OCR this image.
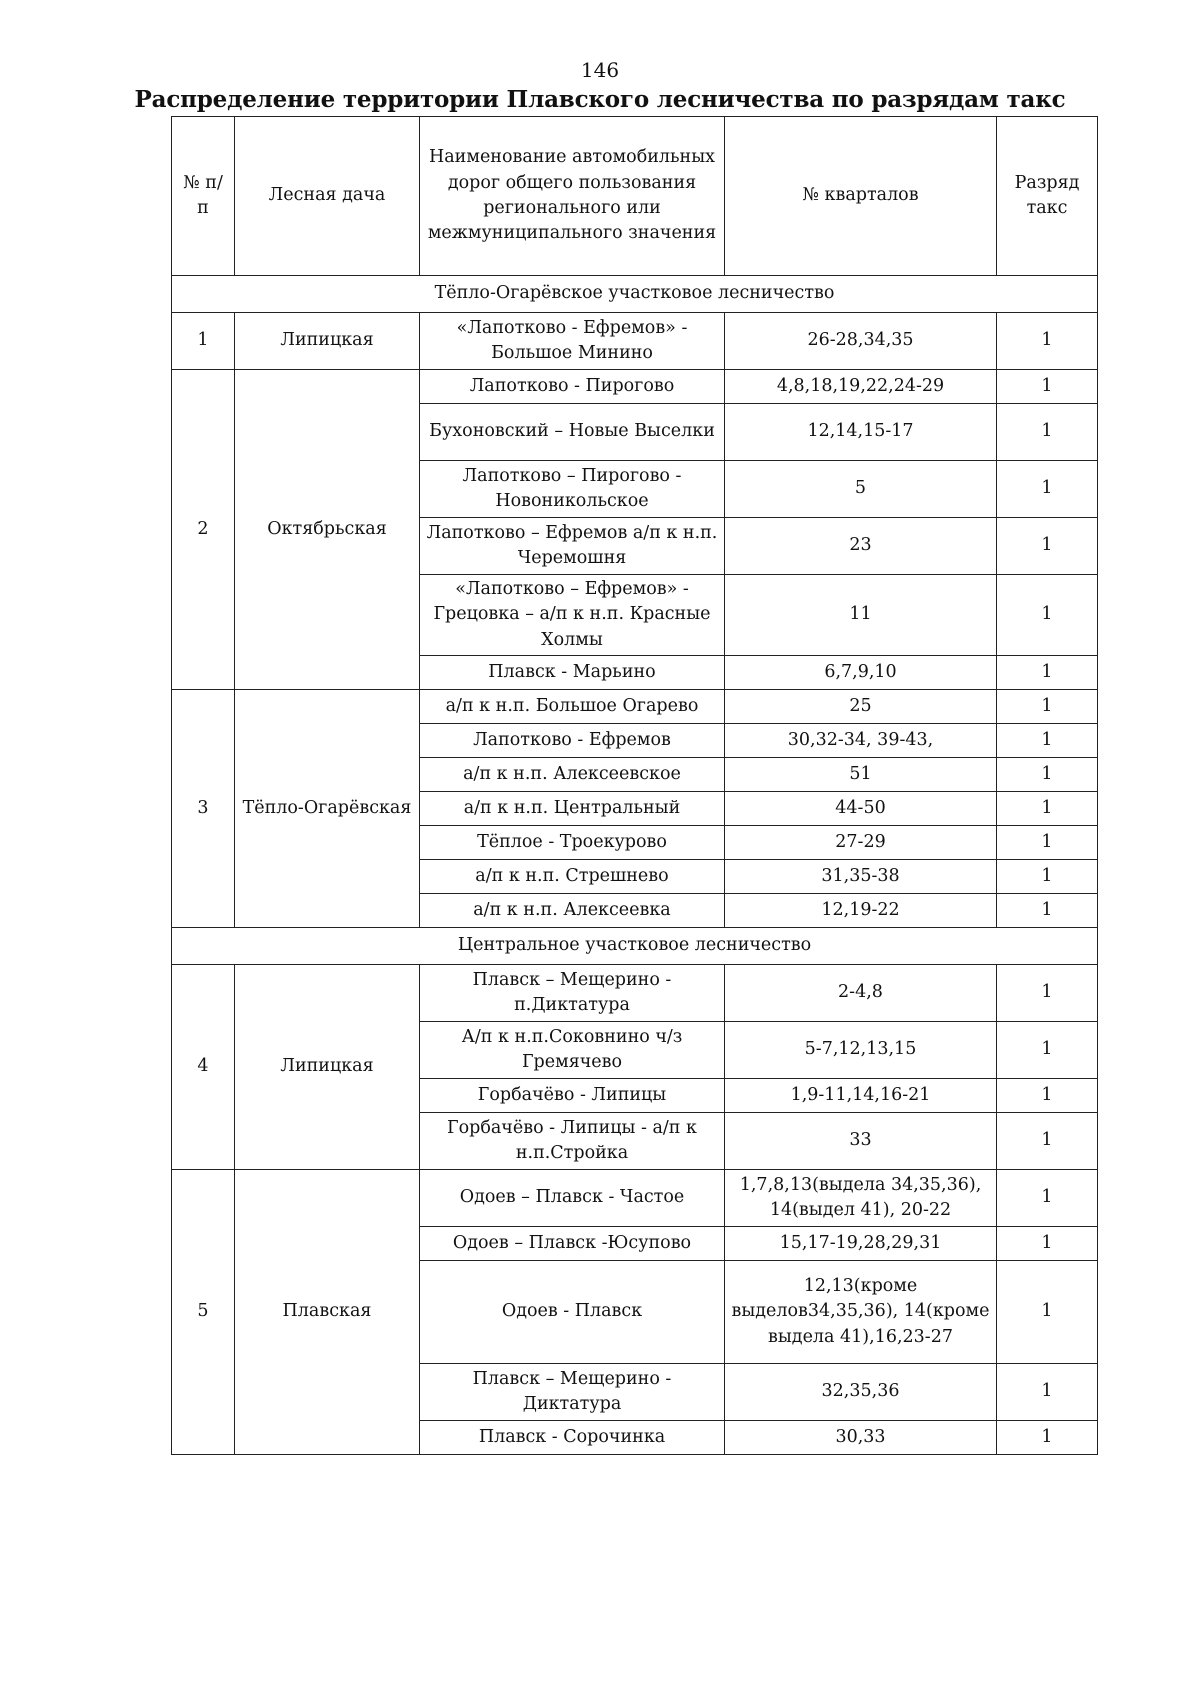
146
Распределение территории Плавского лесничества по разрядам такс
№ п/п	Лесная дача	Наименование автомобильных дорог общего пользования регионального или межмуниципального значения	№ кварталов	Разряд такс
Тёпло-Огарёвское участковое лесничество				
1	Липицкая	«Лапотково - Ефремов» - Большое Минино	26-28,34,35	1
2	Октябрьская	Лапотково - Пирогово	4,8,18,19,22,24-29	1
		Бухоновский – Новые Выселки	12,14,15-17	1
		Лапотково – Пирогово - Новоникольское	5	1
		Лапотково – Ефремов а/п к н.п. Черемошня	23	1
		«Лапотково – Ефремов» - Грецовка – а/п к н.п. Красные Холмы	11	1
		Плавск - Марьино	6,7,9,10	1
3	Тёпло-Огарёвская	а/п к н.п. Большое Огарево	25	1
		Лапотково - Ефремов	30,32-34, 39-43,	1
		а/п к н.п. Алексеевское	51	1
		а/п к н.п. Центральный	44-50	1
		Тёплое - Троекурово	27-29	1
		а/п к н.п. Стрешнево	31,35-38	1
		а/п к н.п. Алексеевка	12,19-22	1
Центральное участковое лесничество				
4	Липицкая	Плавск – Мещерино - п.Диктатура	2-4,8	1
		А/п к н.п.Соковнино ч/з Гремячево	5-7,12,13,15	1
		Горбачёво - Липицы	1,9-11,14,16-21	1
		Горбачёво - Липицы - а/п к н.п.Стройка	33	1
5	Плавская	Одоев – Плавск - Частое	1,7,8,13(выдела 34,35,36), 14(выдел 41), 20-22	1
		Одоев – Плавск -Юсупово	15,17-19,28,29,31	1
		Одоев - Плавск	12,13(кроме выделов34,35,36), 14(кроме выдела 41),16,23-27	1
		Плавск – Мещерино - Диктатура	32,35,36	1
		Плавск - Сорочинка	30,33	1
